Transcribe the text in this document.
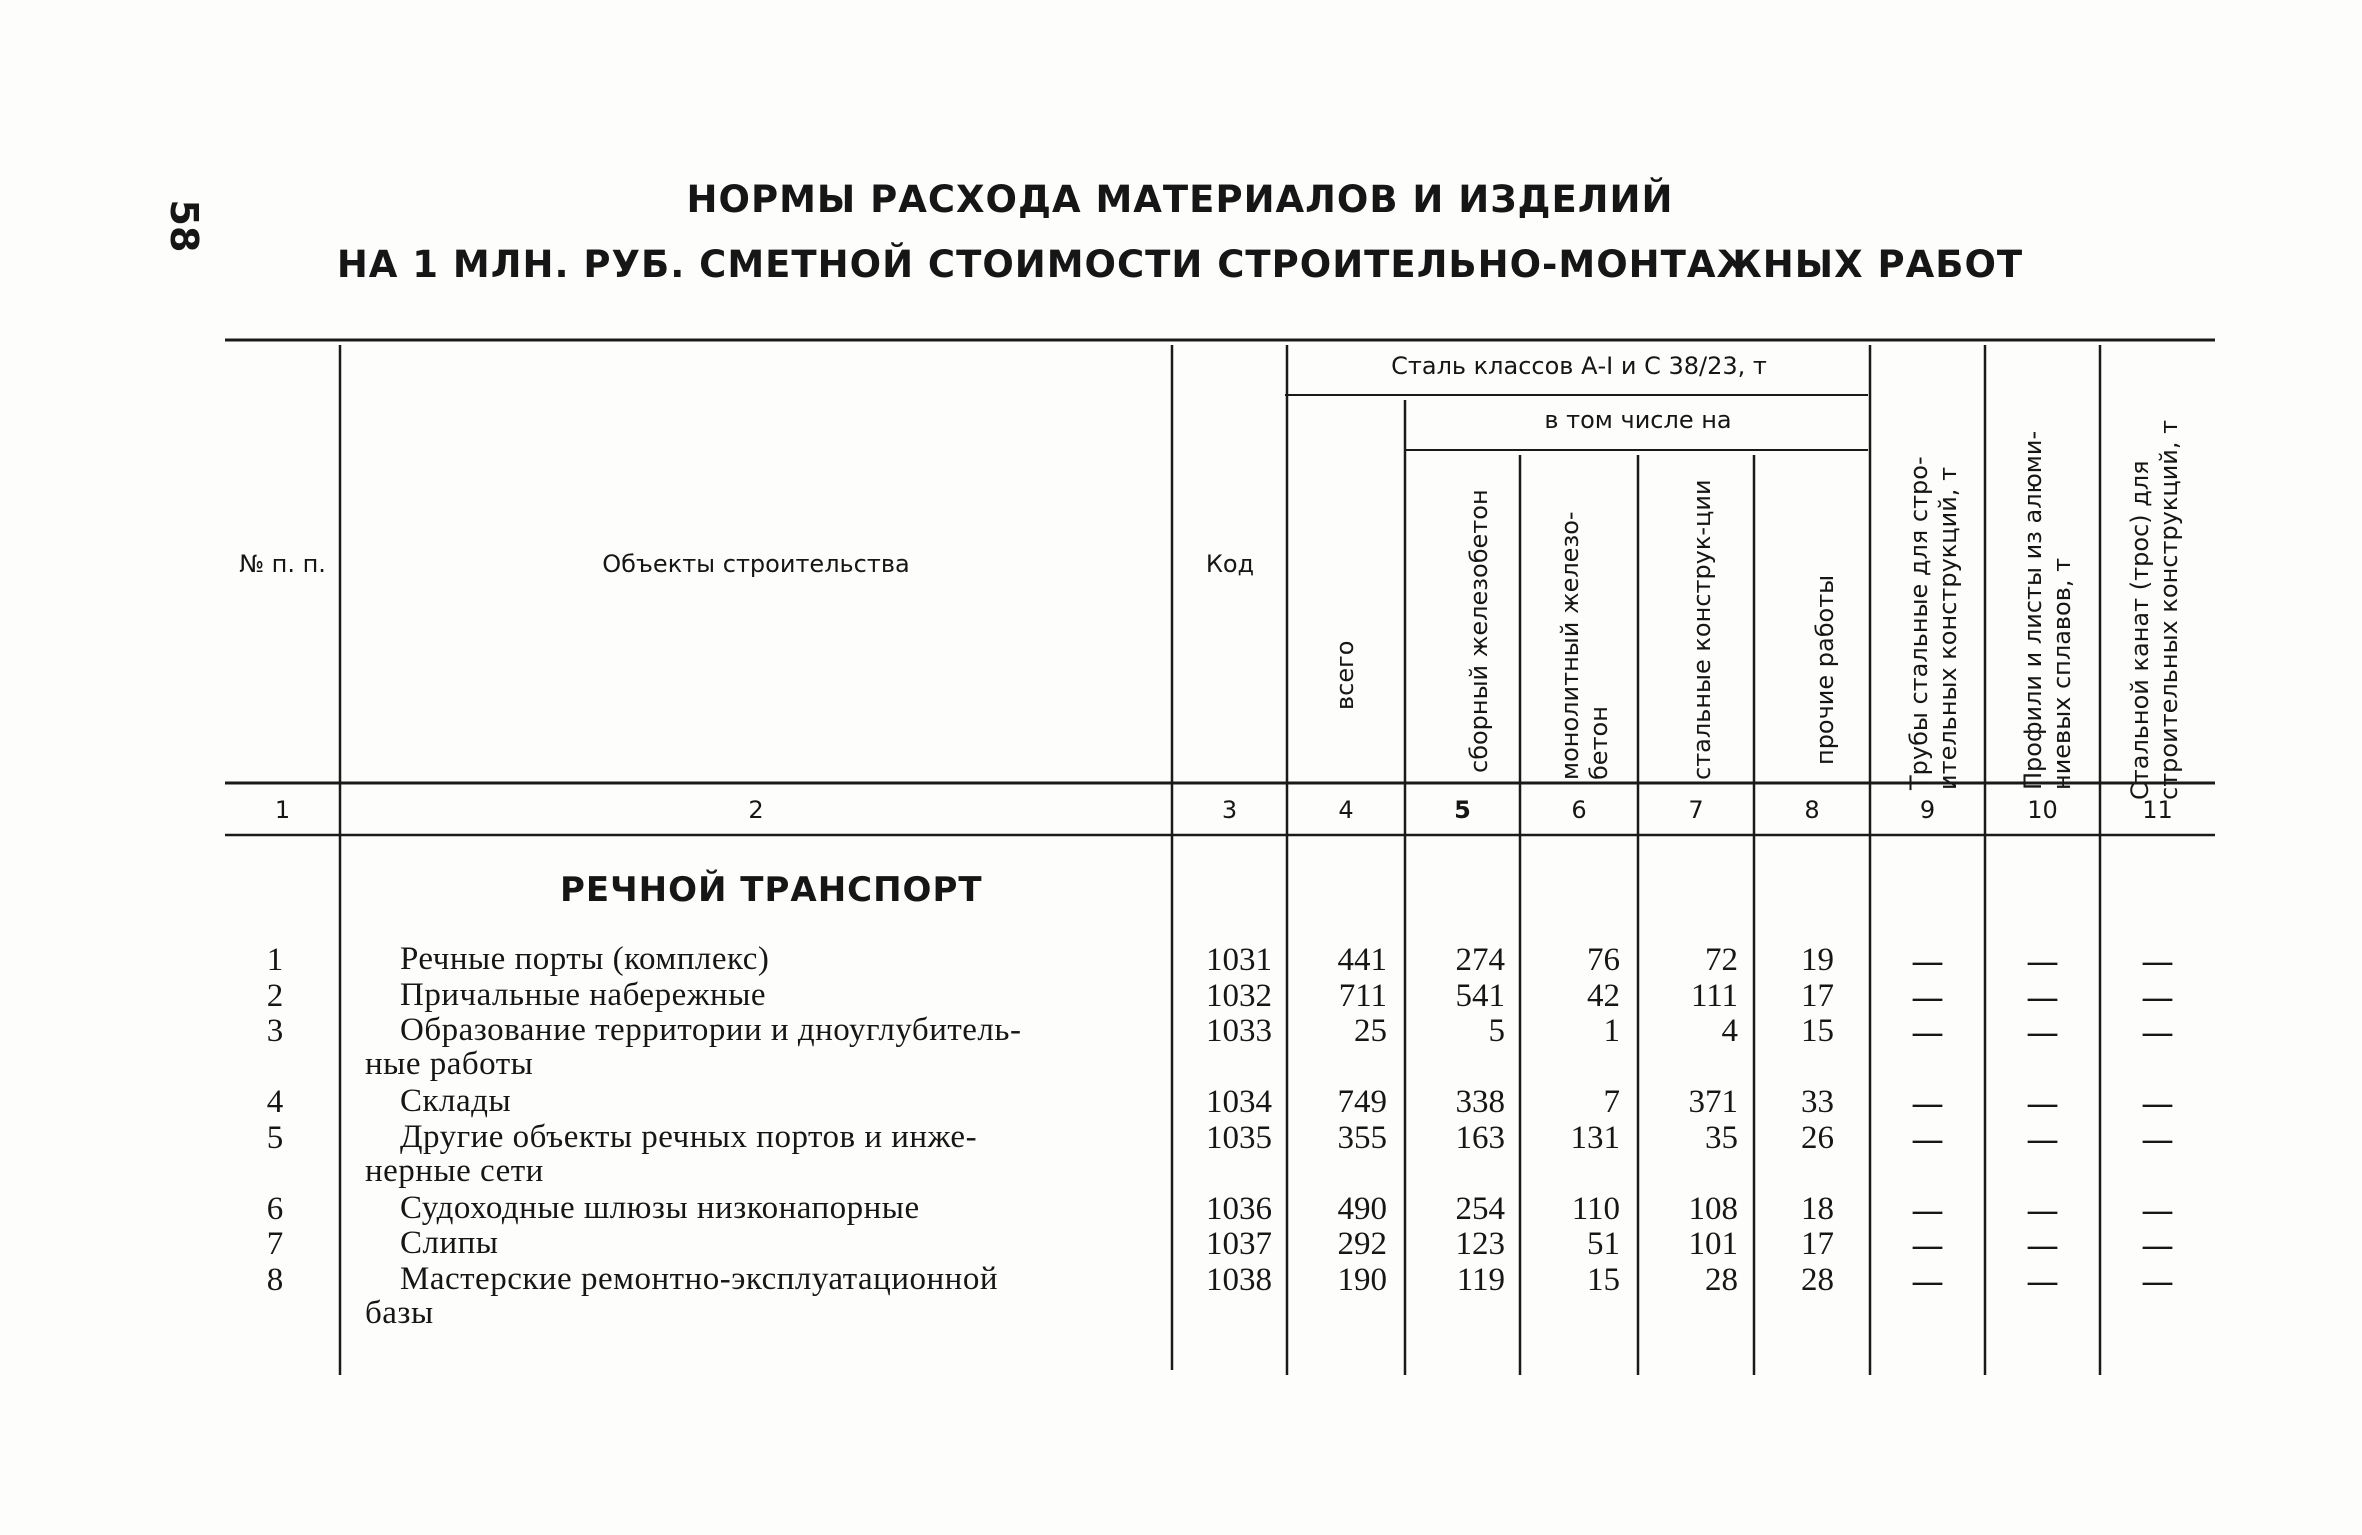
58
НОРМЫ РАСХОДА МАТЕРИАЛОВ И ИЗДЕЛИЙ
НА 1 МЛН. РУБ. СМЕТНОЙ СТОИМОСТИ СТРОИТЕЛЬНО-МОНТАЖНЫХ РАБОТ
№ п. п.	Объекты строительства	Код
Сталь классов А-I и С 38/23, т
в том числе на
всего	сборный железобетон	монолитный железо-бетон	стальные конструк-ции	прочие работы	Трубы стальные для стро-ительных конструкций, т	Профили и листы из алюми-ниевых сплавов, т	Стальной канат (трос) для строительных конструкций, т
1	2	3	4	5	6	7	8	9	10	11
РЕЧНОЙ ТРАНСПОРТ
1	Речные порты (комплекс)	1031	441	274	76	72	19	—	—	—
2	Причальные набережные	1032	711	541	42	111	17	—	—	—
3	Образование территории и дноуглубитель-
ные работы
1033	25	5	1	4	15	—	—	—
4	Склады	1034	749	338	7	371	33	—	—	—
5	Другие объекты речных портов и инже-
нерные сети
1035	355	163	131	35	26	—	—	—
6	Судоходные шлюзы низконапорные	1036	490	254	110	108	18	—	—	—
7	Слипы	1037	292	123	51	101	17	—	—	—
8	Мастерские ремонтно-эксплуатационной
базы
1038	190	119	15	28	28	—	—	—
